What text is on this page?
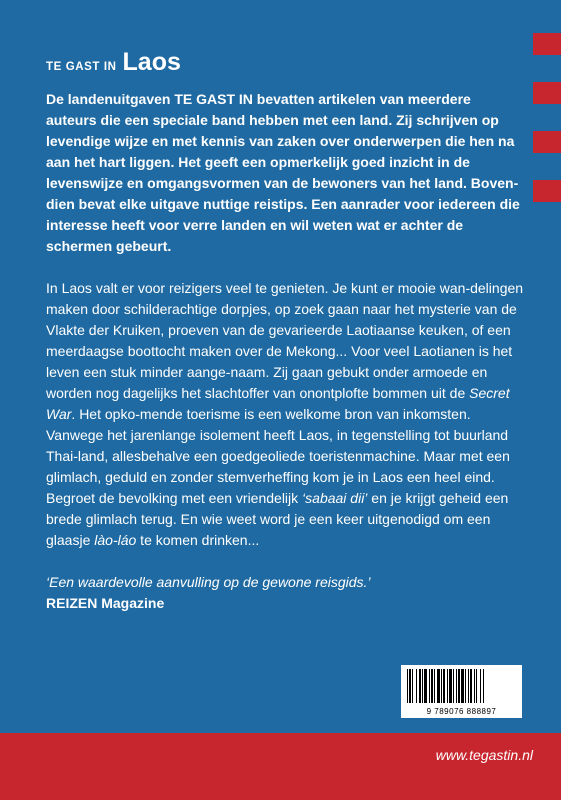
TE GAST IN Laos

De landenuitgaven TE GAST IN bevatten artikelen van meerdere auteurs die een speciale band hebben met een land. Zij schrijven op levendige wijze en met kennis van zaken over onderwerpen die hen na aan het hart liggen. Het geeft een opmerkelijk goed inzicht in de levenswijze en omgangsvormen van de bewoners van het land. Boven-dien bevat elke uitgave nuttige reistips. Een aanrader voor iedereen die interesse heeft voor verre landen en wil weten wat er achter de schermen gebeurt.

In Laos valt er voor reizigers veel te genieten. Je kunt er mooie wan-delingen maken door schilderachtige dorpjes, op zoek gaan naar het mysterie van de Vlakte der Kruiken, proeven van de gevarieerde Laotiaanse keuken, of een meerdaagse boottocht maken over de Mekong... Voor veel Laotianen is het leven een stuk minder aange-naam. Zij gaan gebukt onder armoede en worden nog dagelijks het slachtoffer van onontplofte bommen uit de Secret War. Het opko-mende toerisme is een welkome bron van inkomsten. Vanwege het jarenlange isolement heeft Laos, in tegenstelling tot buurland Thai-land, allesbehalve een goedgeoliede toeristenmachine. Maar met een glimlach, geduld en zonder stemverheffing kom je in Laos een heel eind. Begroet de bevolking met een vriendelijk ‘sabaai dii’ en je krijgt geheid een brede glimlach terug. En wie weet word je een keer uitgenodigd om een glaasje lào-láo te komen drinken...

‘Een waardevolle aanvulling op de gewone reisgids.’

REIZEN Magazine

9 789076 888897
www.tegastin.nl
